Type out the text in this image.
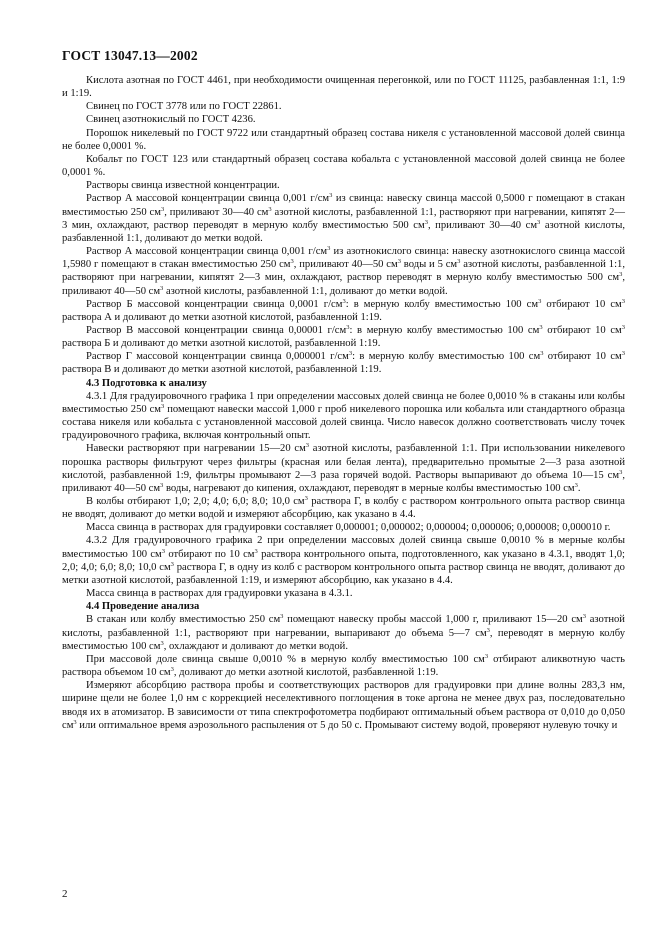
ГОСТ 13047.13—2002

Кислота азотная по ГОСТ 4461, при необходимости очищенная перегонкой, или по ГОСТ 11125, разбавленная 1:1, 1:9 и 1:19.

Свинец по ГОСТ 3778 или по ГОСТ 22861.

Свинец азотнокислый по ГОСТ 4236.

Порошок никелевый по ГОСТ 9722 или стандартный образец состава никеля с установленной массовой долей свинца не более 0,0001 %.

Кобальт по ГОСТ 123 или стандартный образец состава кобальта с установленной массовой долей свинца не более 0,0001 %.

Растворы свинца известной концентрации.

Раствор А массовой концентрации свинца 0,001 $г/см^3$ из свинца: навеску свинца массой 0,5000 г помещают в стакан вместимостью 250 $см^3$, приливают 30—40 $см^3$ азотной кислоты, разбавленной 1:1, растворяют при нагревании, кипятят 2—3 мин, охлаждают, раствор переводят в мерную колбу вместимостью 500 $см^3$, приливают 30—40 $см^3$ азотной кислоты, разбавленной 1:1, доливают до метки водой.

Раствор А массовой концентрации свинца 0,001 $г/см^3$ из азотнокислого свинца: навеску азотнокислого свинца массой 1,5980 г помещают в стакан вместимостью 250 $см^3$, приливают 40—50 $см^3$ воды и 5 $см^3$ азотной кислоты, разбавленной 1:1, растворяют при нагревании, кипятят 2—3 мин, охлаждают, раствор переводят в мерную колбу вместимостью 500 $см^3$, приливают 40—50 $см^3$ азотной кислоты, разбавленной 1:1, доливают до метки водой.

Раствор Б массовой концентрации свинца 0,0001 $г/см^3$: в мерную колбу вместимостью 100 $см^3$ отбирают 10 $см^3$ раствора А и доливают до метки азотной кислотой, разбавленной 1:19.

Раствор В массовой концентрации свинца 0,00001 $г/см^3$: в мерную колбу вместимостью 100 $см^3$ отбирают 10 $см^3$ раствора Б и доливают до метки азотной кислотой, разбавленной 1:19.

Раствор Г массовой концентрации свинца 0,000001 $г/см^3$: в мерную колбу вместимостью 100 $см^3$ отбирают 10 $см^3$ раствора В и доливают до метки азотной кислотой, разбавленной 1:19.

4.3 Подготовка к анализу

4.3.1 Для градуировочного графика 1 при определении массовых долей свинца не более 0,0010 % в стаканы или колбы вместимостью 250 $см^3$ помещают навески массой 1,000 г проб никелевого порошка или кобальта или стандартного образца состава никеля или кобальта с установленной массовой долей свинца. Число навесок должно соответствовать числу точек градуировочного графика, включая контрольный опыт.

Навески растворяют при нагревании 15—20 $см^3$ азотной кислоты, разбавленной 1:1. При использовании никелевого порошка растворы фильтруют через фильтры (красная или белая лента), предварительно промытые 2—3 раза азотной кислотой, разбавленной 1:9, фильтры промывают 2—3 раза горячей водой. Растворы выпаривают до объема 10—15 $см^3$, приливают 40—50 $см^3$ воды, нагревают до кипения, охлаждают, переводят в мерные колбы вместимостью 100 $см^3$.

В колбы отбирают 1,0; 2,0; 4,0; 6,0; 8,0; 10,0 $см^3$ раствора Г, в колбу с раствором контрольного опыта раствор свинца не вводят, доливают до метки водой и измеряют абсорбцию, как указано в 4.4.

Масса свинца в растворах для градуировки составляет 0,000001; 0,000002; 0,000004; 0,000006; 0,000008; 0,000010 г.

4.3.2 Для градуировочного графика 2 при определении массовых долей свинца свыше 0,0010 % в мерные колбы вместимостью 100 $см^3$ отбирают по 10 $см^3$ раствора контрольного опыта, подготовленного, как указано в 4.3.1, вводят 1,0; 2,0; 4,0; 6,0; 8,0; 10,0 $см^3$ раствора Г, в одну из колб с раствором контрольного опыта раствор свинца не вводят, доливают до метки азотной кислотой, разбавленной 1:19, и измеряют абсорбцию, как указано в 4.4.

Масса свинца в растворах для градуировки указана в 4.3.1.

4.4 Проведение анализа

В стакан или колбу вместимостью 250 $см^3$ помещают навеску пробы массой 1,000 г, приливают 15—20 $см^3$ азотной кислоты, разбавленной 1:1, растворяют при нагревании, выпаривают до объема 5—7 $см^3$, переводят в мерную колбу вместимостью 100 $см^3$, охлаждают и доливают до метки водой.

При массовой доле свинца свыше 0,0010 % в мерную колбу вместимостью 100 $см^3$ отбирают аликвотную часть раствора объемом 10 $см^3$, доливают до метки азотной кислотой, разбавленной 1:19.

Измеряют абсорбцию раствора пробы и соответствующих растворов для градуировки при длине волны 283,3 нм, ширине щели не более 1,0 нм с коррекцией неселективного поглощения в токе аргона не менее двух раз, последовательно вводя их в атомизатор. В зависимости от типа спектрофотометра подбирают оптимальный объем раствора от 0,010 до 0,050 $см^3$ или оптимальное время аэрозольного распыления от 5 до 50 с. Промывают систему водой, проверяют нулевую точку и

2
